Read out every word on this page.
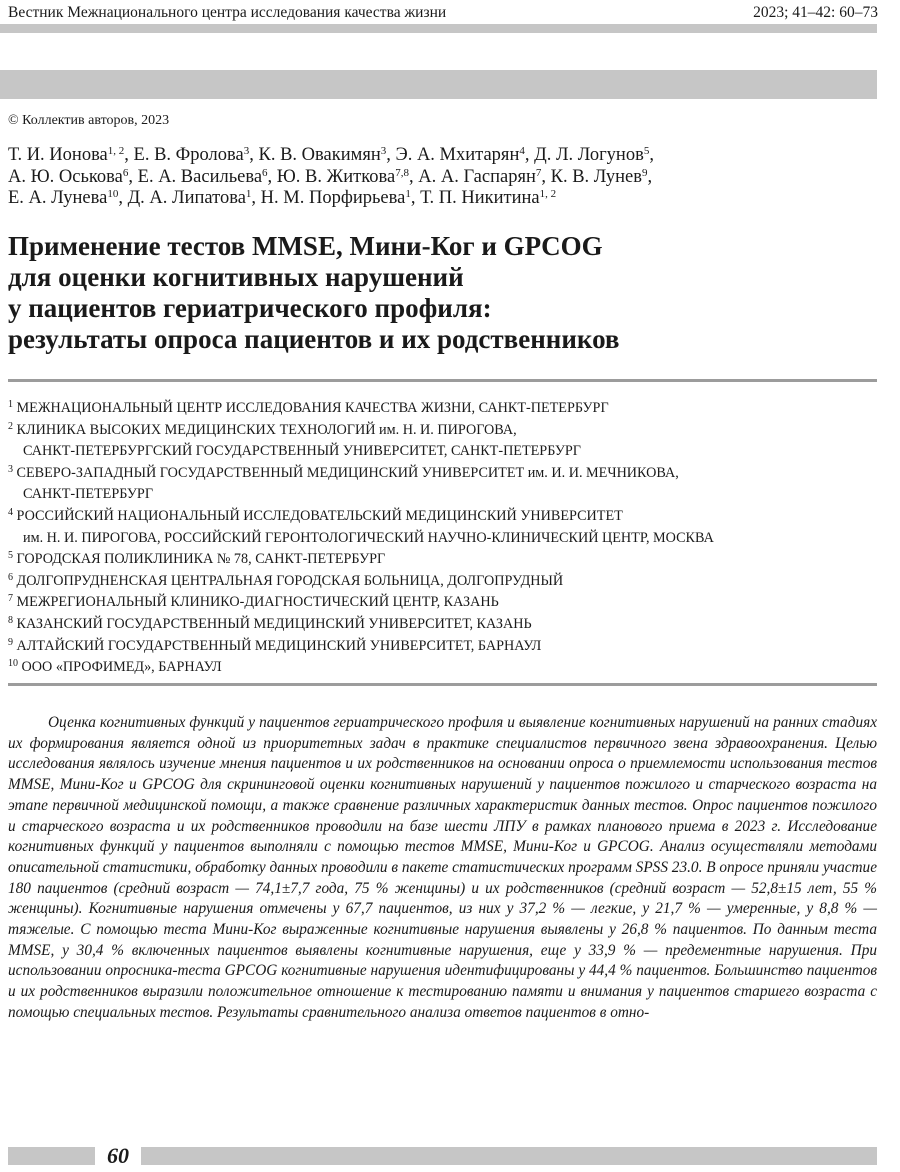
Вестник Межнационального центра исследования качества жизни	2023; 41–42: 60–73
© Коллектив авторов, 2023
Т. И. Ионова$^{1, 2}$, Е. В. Фролова$^3$, К. В. Овакимян$^3$, Э. А. Мхитарян$^4$, Д. Л. Логунов$^5$,
А. Ю. Оськова$^6$, Е. А. Васильева$^6$, Ю. В. Житкова$^{7,8}$, А. А. Гаспарян$^7$, К. В. Лунев$^9$,
Е. А. Лунева$^{10}$, Д. А. Липатова$^1$, Н. М. Порфирьева$^1$, Т. П. Никитина$^{1, 2}$
Применение тестов MMSE, Мини-Ког и GPCOG
для оценки когнитивных нарушений
у пациентов гериатрического профиля:
результаты опроса пациентов и их родственников
$^1$ МЕЖНАЦИОНАЛЬНЫЙ ЦЕНТР ИССЛЕДОВАНИЯ КАЧЕСТВА ЖИЗНИ, САНКТ-ПЕТЕРБУРГ
$^2$ КЛИНИКА ВЫСОКИХ МЕДИЦИНСКИХ ТЕХНОЛОГИЙ им. Н. И. ПИРОГОВА,
САНКТ-ПЕТЕРБУРГСКИЙ ГОСУДАРСТВЕННЫЙ УНИВЕРСИТЕТ, САНКТ-ПЕТЕРБУРГ
$^3$ СЕВЕРО-ЗАПАДНЫЙ ГОСУДАРСТВЕННЫЙ МЕДИЦИНСКИЙ УНИВЕРСИТЕТ им. И. И. МЕЧНИКОВА,
САНКТ-ПЕТЕРБУРГ
$^4$ РОССИЙСКИЙ НАЦИОНАЛЬНЫЙ ИССЛЕДОВАТЕЛЬСКИЙ МЕДИЦИНСКИЙ УНИВЕРСИТЕТ
им. Н. И. ПИРОГОВА, РОССИЙСКИЙ ГЕРОНТОЛОГИЧЕСКИЙ НАУЧНО-КЛИНИЧЕСКИЙ ЦЕНТР, МОСКВА
$^5$ ГОРОДСКАЯ ПОЛИКЛИНИКА № 78, САНКТ-ПЕТЕРБУРГ
$^6$ ДОЛГОПРУДНЕНСКАЯ ЦЕНТРАЛЬНАЯ ГОРОДСКАЯ БОЛЬНИЦА, ДОЛГОПРУДНЫЙ
$^7$ МЕЖРЕГИОНАЛЬНЫЙ КЛИНИКО-ДИАГНОСТИЧЕСКИЙ ЦЕНТР, КАЗАНЬ
$^8$ КАЗАНСКИЙ ГОСУДАРСТВЕННЫЙ МЕДИЦИНСКИЙ УНИВЕРСИТЕТ, КАЗАНЬ
$^9$ АЛТАЙСКИЙ ГОСУДАРСТВЕННЫЙ МЕДИЦИНСКИЙ УНИВЕРСИТЕТ, БАРНАУЛ
$^{10}$ ООО «ПРОФИМЕД», БАРНАУЛ

Оценка когнитивных функций у пациентов гериатрического профиля и выявление когнитивных нарушений на ранних стадиях их формирования является одной из приоритетных задач в практике специалистов первичного звена здравоохранения. Целью исследования являлось изучение мнения пациентов и их родственников на основании опроса о приемлемости использования тестов MMSE, Мини-Ког и GPCOG для скрининговой оценки когнитивных нарушений у пациентов пожилого и старческого возраста на этапе первичной медицинской помощи, а также сравнение различных характеристик данных тестов. Опрос пациентов пожилого и старческого возраста и их родственников проводили на базе шести ЛПУ в рамках планового приема в 2023 г. Исследование когнитивных функций у пациентов выполняли с помощью тестов MMSE, Мини-Ког и GPCOG. Анализ осуществляли методами описательной статистики, обработку данных проводили в пакете статистических программ SPSS 23.0. В опросе приняли участие 180 пациентов (средний возраст — 74,1±7,7 года, 75 % женщины) и их родственников (средний возраст — 52,8±15 лет, 55 % женщины). Когнитивные нарушения отмечены у 67,7 пациентов, из них у 37,2 % — легкие, у 21,7 % — умеренные, у 8,8 % — тяжелые. С помощью теста Мини-Ког выраженные когнитивные нарушения выявлены у 26,8 % пациентов. По данным теста MMSE, у 30,4 % включенных пациентов выявлены когнитивные нарушения, еще у 33,9 % — предементные нарушения. При использовании опросника-теста GPCOG когнитивные нарушения идентифицированы у 44,4 % пациентов. Большинство пациентов и их родственников выразили положительное отношение к тестированию памяти и внимания у пациентов старшего возраста с помощью специальных тестов. Результаты сравнительного анализа ответов пациентов в отно-

60
